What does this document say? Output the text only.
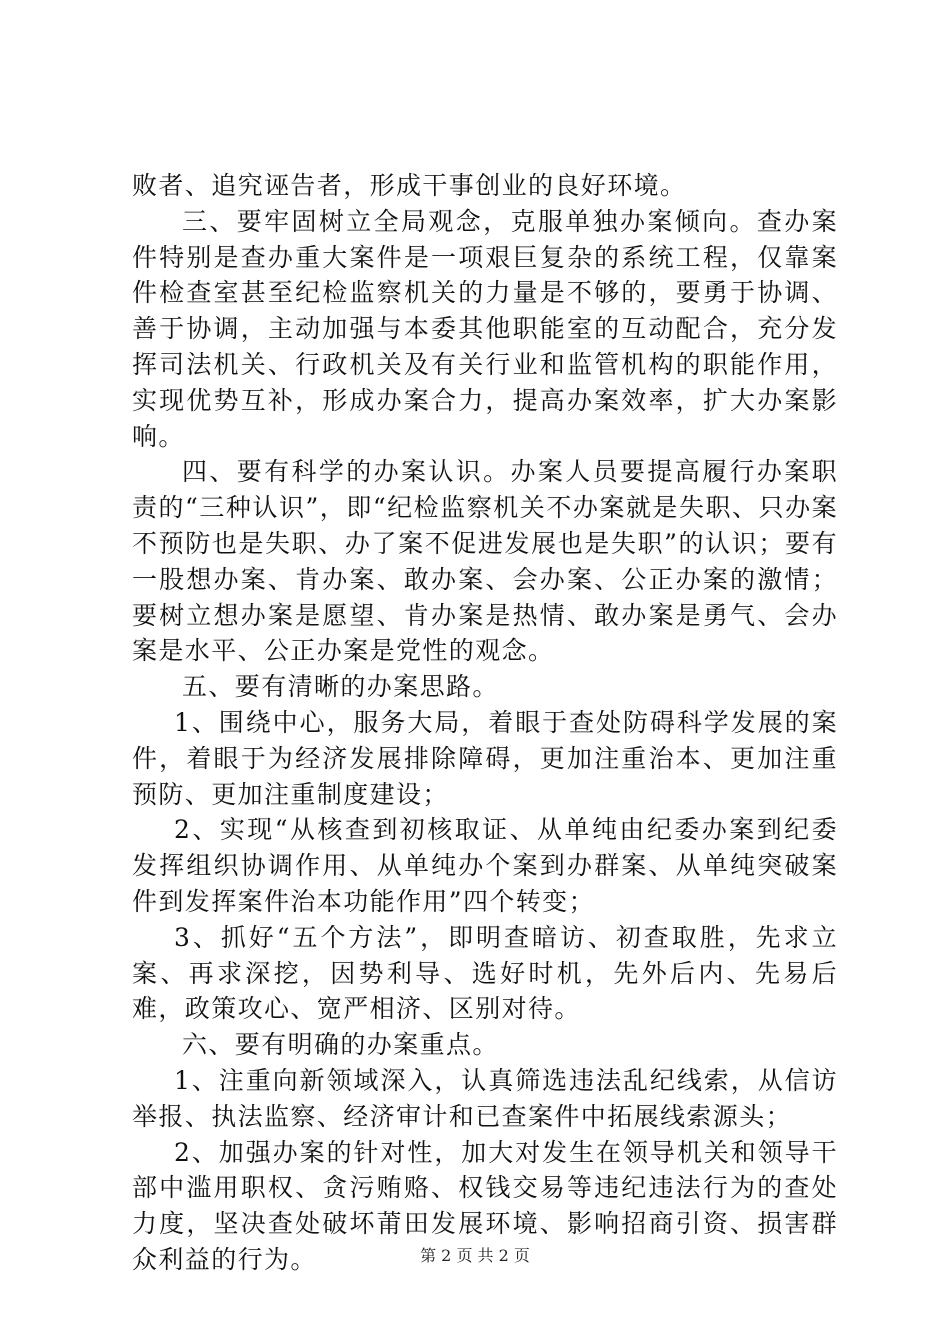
败者、追究诬告者，形成干事创业的良好环境。

三、要牢固树立全局观念，克服单独办案倾向。查办案件特别是查办重大案件是一项艰巨复杂的系统工程，仅靠案件检查室甚至纪检监察机关的力量是不够的，要勇于协调、善于协调，主动加强与本委其他职能室的互动配合，充分发挥司法机关、行政机关及有关行业和监管机构的职能作用，实现优势互补，形成办案合力，提高办案效率，扩大办案影响。

四、要有科学的办案认识。办案人员要提高履行办案职责的“三种认识”，即“纪检监察机关不办案就是失职、只办案不预防也是失职、办了案不促进发展也是失职”的认识；要有一股想办案、肯办案、敢办案、会办案、公正办案的激情；要树立想办案是愿望、肯办案是热情、敢办案是勇气、会办案是水平、公正办案是党性的观念。

五、要有清晰的办案思路。

1、围绕中心，服务大局，着眼于查处防碍科学发展的案件，着眼于为经济发展排除障碍，更加注重治本、更加注重预防、更加注重制度建设；

2、实现“从核查到初核取证、从单纯由纪委办案到纪委发挥组织协调作用、从单纯办个案到办群案、从单纯突破案件到发挥案件治本功能作用”四个转变；

3、抓好“五个方法”，即明查暗访、初查取胜，先求立案、再求深挖，因势利导、选好时机，先外后内、先易后难，政策攻心、宽严相济、区别对待。

六、要有明确的办案重点。

1、注重向新领域深入，认真筛选违法乱纪线索，从信访举报、执法监察、经济审计和已查案件中拓展线索源头；

2、加强办案的针对性，加大对发生在领导机关和领导干部中滥用职权、贪污贿赂、权钱交易等违纪违法行为的查处力度，坚决查处破坏莆田发展环境、影响招商引资、损害群众利益的行为。	第 2 页 共 2 页
